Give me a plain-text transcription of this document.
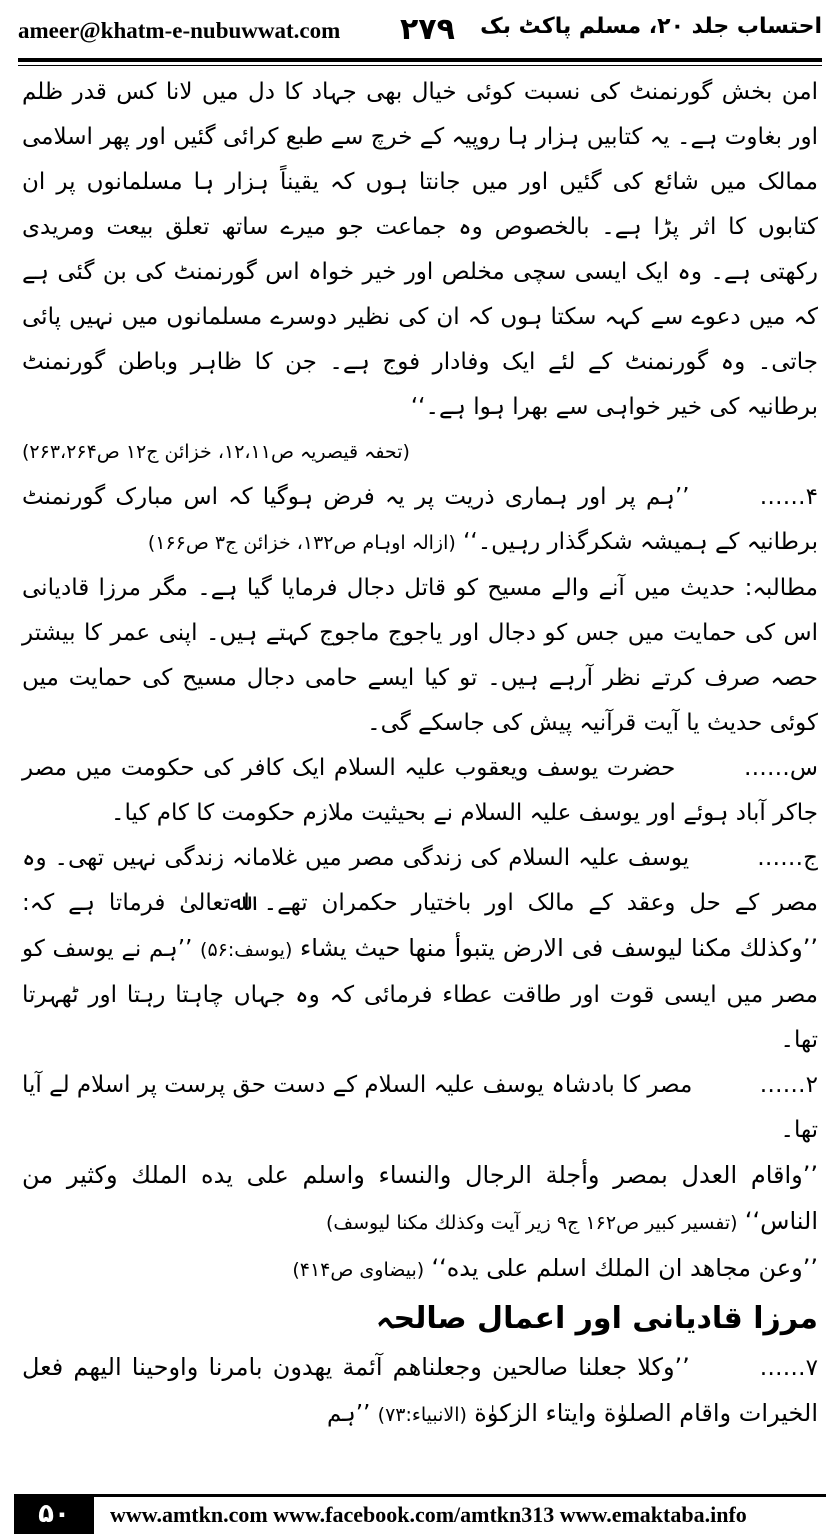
ameer@khatm-e-nubuwwat.com ۲۷۹ احتساب جلد ۲۰، مسلم پاکٹ بک

امن بخش گورنمنٹ کی نسبت کوئی خیال بھی جہاد کا دل میں لانا کس قدر ظلم اور بغاوت ہے۔ یہ کتابیں ہزار ہا روپیہ کے خرچ سے طبع کرائی گئیں اور پھر اسلامی ممالک میں شائع کی گئیں اور میں جانتا ہوں کہ یقیناً ہزار ہا مسلمانوں پر ان کتابوں کا اثر پڑا ہے۔ بالخصوص وہ جماعت جو میرے ساتھ تعلق بیعت ومریدی رکھتی ہے۔ وہ ایک ایسی سچی مخلص اور خیر خواہ اس گورنمنٹ کی بن گئی ہے کہ میں دعوے سے کہہ سکتا ہوں کہ ان کی نظیر دوسرے مسلمانوں میں نہیں پائی جاتی۔ وہ گورنمنٹ کے لئے ایک وفادار فوج ہے۔ جن کا ظاہر وباطن گورنمنٹ برطانیہ کی خیر خواہی سے بھرا ہوا ہے۔‘‘

(تحفہ قیصریہ ص۱۲،۱۱، خزائن ج۱۲ ص۲۶۳،۲۶۴)

۴…… ’’ہم پر اور ہماری ذریت پر یہ فرض ہوگیا کہ اس مبارک گورنمنٹ برطانیہ کے ہمیشہ شکرگذار رہیں۔‘‘ (ازالہ اوہام ص۱۳۲، خزائن ج۳ ص۱۶۶)

مطالبہ: حدیث میں آنے والے مسیح کو قاتل دجال فرمایا گیا ہے۔ مگر مرزا قادیانی اس کی حمایت میں جس کو دجال اور یاجوج ماجوج کہتے ہیں۔ اپنی عمر کا بیشتر حصہ صرف کرتے نظر آرہے ہیں۔ تو کیا ایسے حامی دجال مسیح کی حمایت میں کوئی حدیث یا آیت قرآنیہ پیش کی جاسکے گی۔

س…… حضرت یوسف ویعقوب علیہ السلام ایک کافر کی حکومت میں مصر جاکر آباد ہوئے اور یوسف علیہ السلام نے بحیثیت ملازم حکومت کا کام کیا۔

ج…… یوسف علیہ السلام کی زندگی مصر میں غلامانہ زندگی نہیں تھی۔ وہ مصر کے حل وعقد کے مالک اور باختیار حکمران تھے۔ اﷲتعالیٰ فرماتا ہے کہ: ’’وکذلك مکنا لیوسف فی الارض یتبوأ منها حیث یشاء (یوسف:۵۶) ’’ہم نے یوسف کو مصر میں ایسی قوت اور طاقت عطاء فرمائی کہ وہ جہاں چاہتا رہتا اور ٹھہرتا تھا۔

۲…… مصر کا بادشاہ یوسف علیہ السلام کے دست حق پرست پر اسلام لے آیا تھا۔

’’واقام العدل بمصر وأجلة الرجال والنساء واسلم علی یده الملك وکثیر من الناس‘‘ (تفسیر کبیر ص۱۶۲ ج۹ زیر آیت وکذلك مکنا لیوسف)

’’وعن مجاهد ان الملك اسلم علی یده‘‘ (بیضاوی ص۴۱۴)

مرزا قادیانی اور اعمال صالحہ

۷…… ’’وکلا جعلنا صالحین وجعلناهم آئمة یهدون بامرنا واوحینا الیهم فعل الخیرات واقام الصلوٰة وایتاء الزکوٰة (الانبیاء:۷۳) ’’ہم

۵۰	www.amtkn.com www.facebook.com/amtkn313 www.emaktaba.info
